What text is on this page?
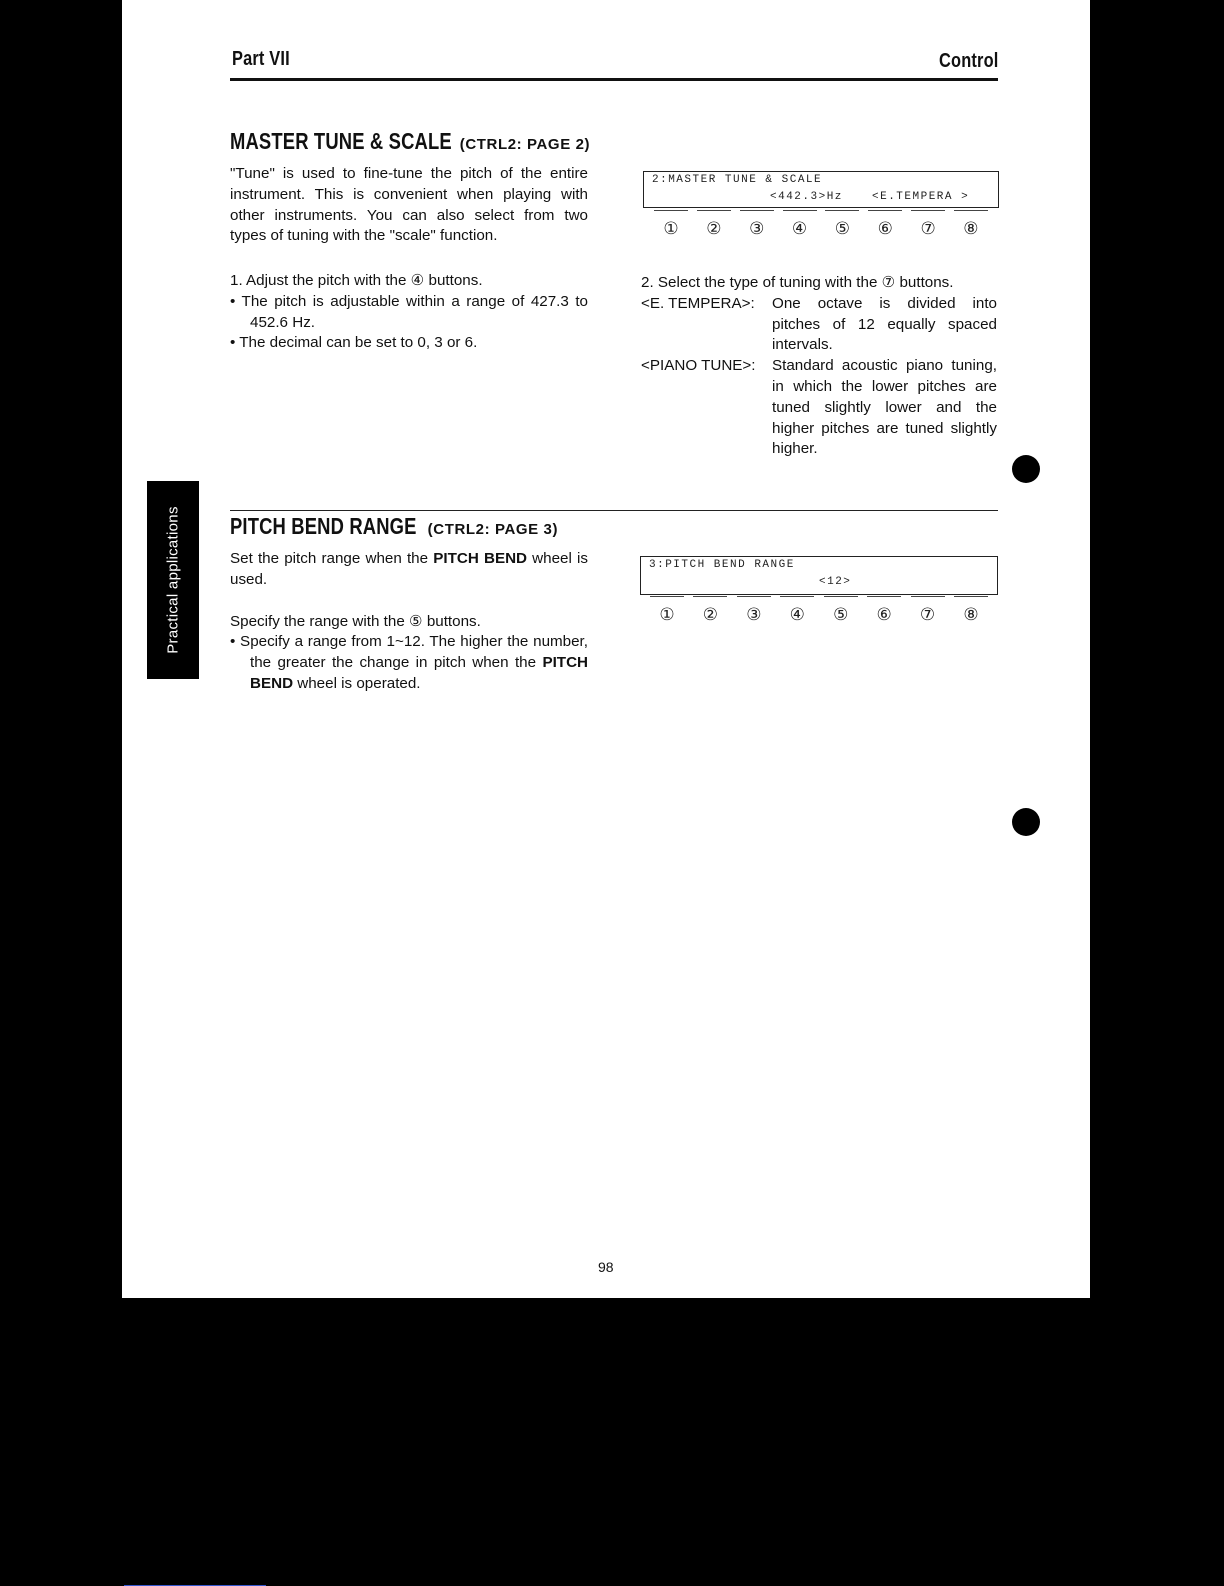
Practical applications
Part VII	Control
MASTER TUNE & SCALE (CTRL2: PAGE 2)

"Tune" is used to fine-tune the pitch of the entire instrument. This is convenient when playing with other instruments. You can also select from two types of tuning with the "scale" function.

1. Adjust the pitch with the ④ buttons.

• The pitch is adjustable within a range of 427.3 to 452.6 Hz.

• The decimal can be set to 0, 3 or 6.

2:MASTER TUNE & SCALE
<442.3>Hz	<E.TEMPERA >
①	②	③	④	⑤	⑥	⑦	⑧

2. Select the type of tuning with the ⑦ buttons.

<E. TEMPERA>:	One octave is divided into pitches of 12 equally spaced intervals.
<PIANO TUNE>:	Standard acoustic piano tuning, in which the lower pitches are tuned slightly lower and the higher pitches are tuned slightly higher.
PITCH BEND RANGE (CTRL2: PAGE 3)

Set the pitch range when the PITCH BEND wheel is used.

Specify the range with the ⑤ buttons.

• Specify a range from 1~12. The higher the number, the greater the change in pitch when the PITCH BEND wheel is operated.

3:PITCH BEND RANGE
<12>
①	②	③	④	⑤	⑥	⑦	⑧
98
